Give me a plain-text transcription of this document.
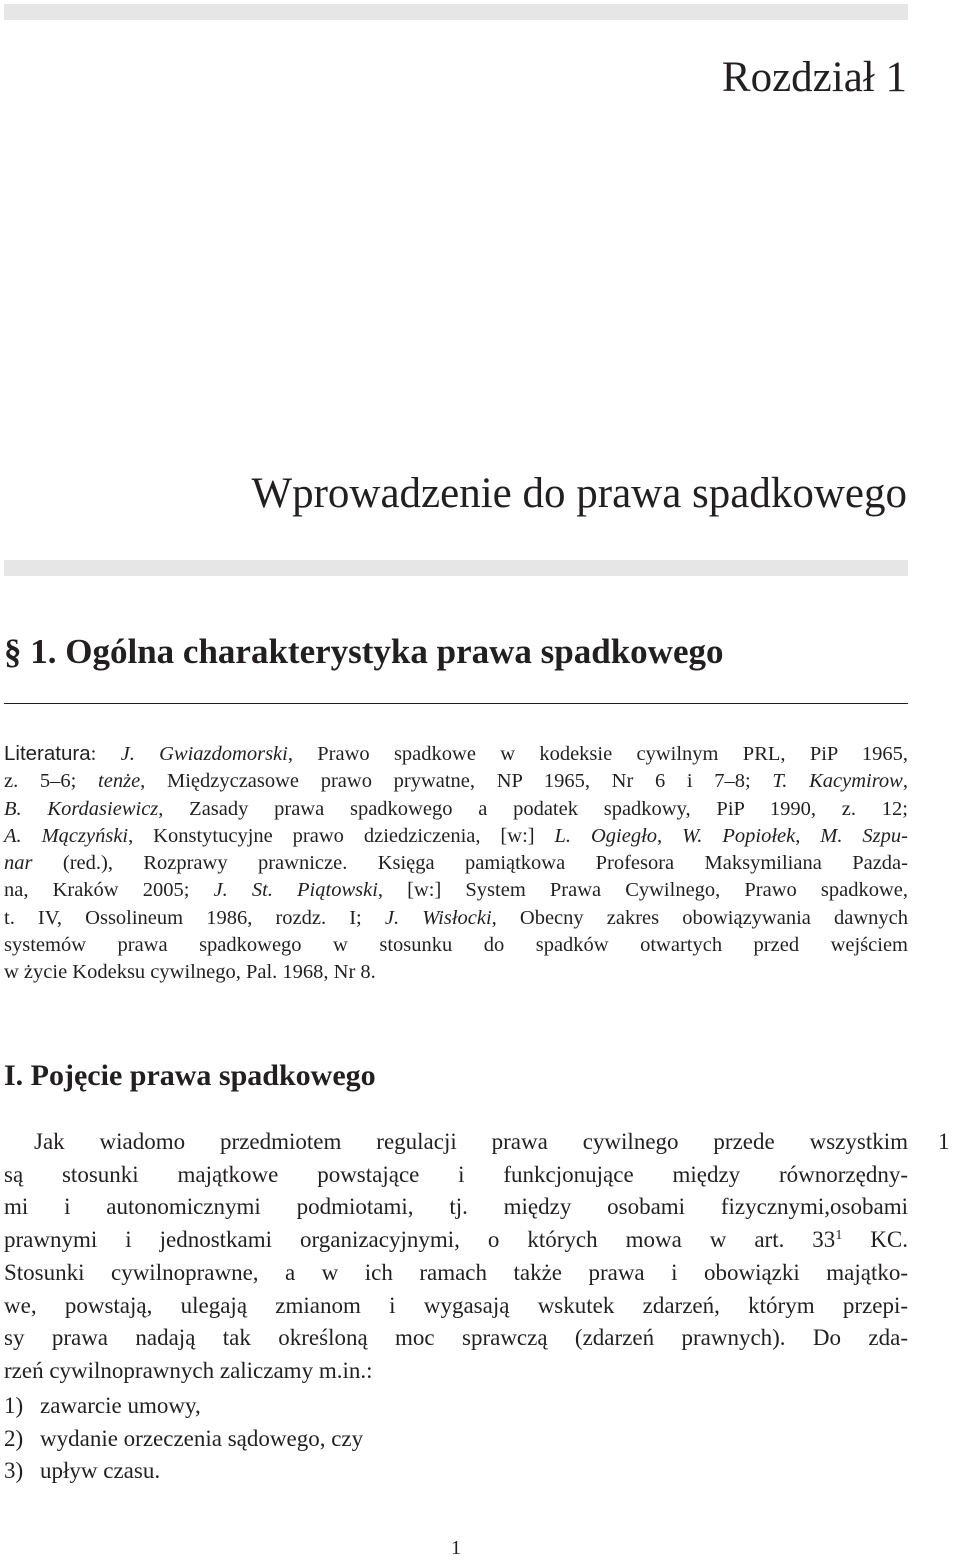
Rozdział 1
Wprowadzenie do prawa spadkowego
§ 1. Ogólna charakterystyka prawa spadkowego
Literatura: J. Gwiazdomorski, Prawo spadkowe w kodeksie cywilnym PRL, PiP 1965,
z. 5–6; tenże, Międzyczasowe prawo prywatne, NP 1965, Nr 6 i 7–8; T. Kacymirow,
B. Kordasiewicz, Zasady prawa spadkowego a podatek spadkowy, PiP 1990, z. 12;
A. Mączyński, Konstytucyjne prawo dziedziczenia, [w:] L. Ogiegło, W. Popiołek, M. Szpu-
nar (red.), Rozprawy prawnicze. Księga pamiątkowa Profesora Maksymiliana Pazda-
na, Kraków 2005; J. St. Piątowski, [w:] System Prawa Cywilnego, Prawo spadkowe,
t. IV, Ossolineum 1986, rozdz. I; J. Wisłocki, Obecny zakres obowiązywania dawnych
systemów prawa spadkowego w stosunku do spadków otwartych przed wejściem
w życie Kodeksu cywilnego, Pal. 1968, Nr 8.
I. Pojęcie prawa spadkowego
1
Jak wiadomo przedmiotem regulacji prawa cywilnego przede wszystkim
są stosunki majątkowe powstające i funkcjonujące między równorzędny-
mi i autonomicznymi podmiotami, tj. między osobami fizycznymi,osobami
prawnymi i jednostkami organizacyjnymi, o których mowa w art. $33^1$ KC.
Stosunki cywilnoprawne, a w ich ramach także prawa i obowiązki majątko-
we, powstają, ulegają zmianom i wygasają wskutek zdarzeń, którym przepi-
sy prawa nadają tak określoną moc sprawczą (zdarzeń prawnych). Do zda-
rzeń cywilnoprawnych zaliczamy m.in.:
1) zawarcie umowy,
2) wydanie orzeczenia sądowego, czy
3) upływ czasu.
1
